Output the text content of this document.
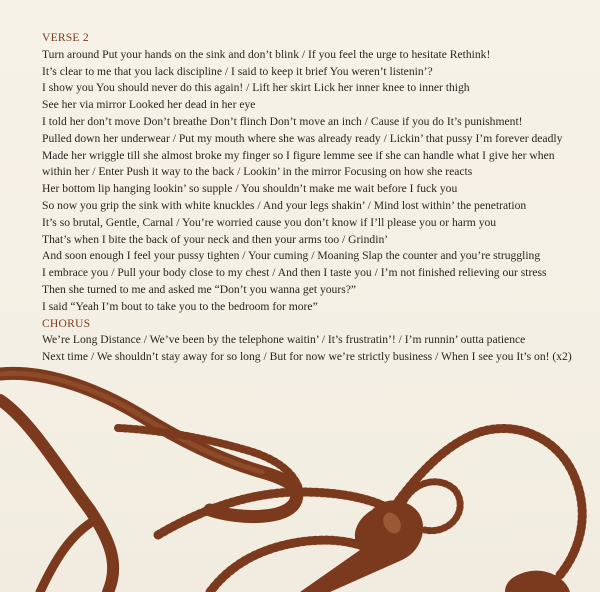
VERSE 2
Turn around Put your hands on the sink and don’t blink / If you feel the urge to hesitate Rethink!
It’s clear to me that you lack discipline / I said to keep it brief You weren’t listenin’?
I show you You should never do this again! / Lift her skirt Lick her inner knee to inner thigh
See her via mirror Looked her dead in her eye
I told her don’t move Don’t breathe Don’t flinch Don’t move an inch / Cause if you do It’s punishment!
Pulled down her underwear / Put my mouth where she was already ready / Lickin’ that pussy I’m forever deadly
Made her wriggle till she almost broke my finger so I figure lemme see if she can handle what I give her when
within her / Enter Push it way to the back / Lookin’ in the mirror Focusing on how she reacts
Her bottom lip hanging lookin’ so supple / You shouldn’t make me wait before I fuck you
So now you grip the sink with white knuckles / And your legs shakin’ / Mind lost within’ the penetration
It’s so brutal, Gentle, Carnal / You’re worried cause you don’t know if I’ll please you or harm you
That’s when I bite the back of your neck and then your arms too / Grindin’
And soon enough I feel your pussy tighten / Your cuming / Moaning Slap the counter and you’re struggling
I embrace you / Pull your body close to my chest / And then I taste you / I’m not finished relieving our stress
Then she turned to me and asked me “Don’t you wanna get yours?”
I said “Yeah I’m bout to take you to the bedroom for more”
CHORUS
We’re Long Distance / We’ve been by the telephone waitin’ / It’s frustratin’! / I’m runnin’ outta patience
Next time / We shouldn’t stay away for so long / But for now we’re strictly business / When I see you It’s on! (x2)
